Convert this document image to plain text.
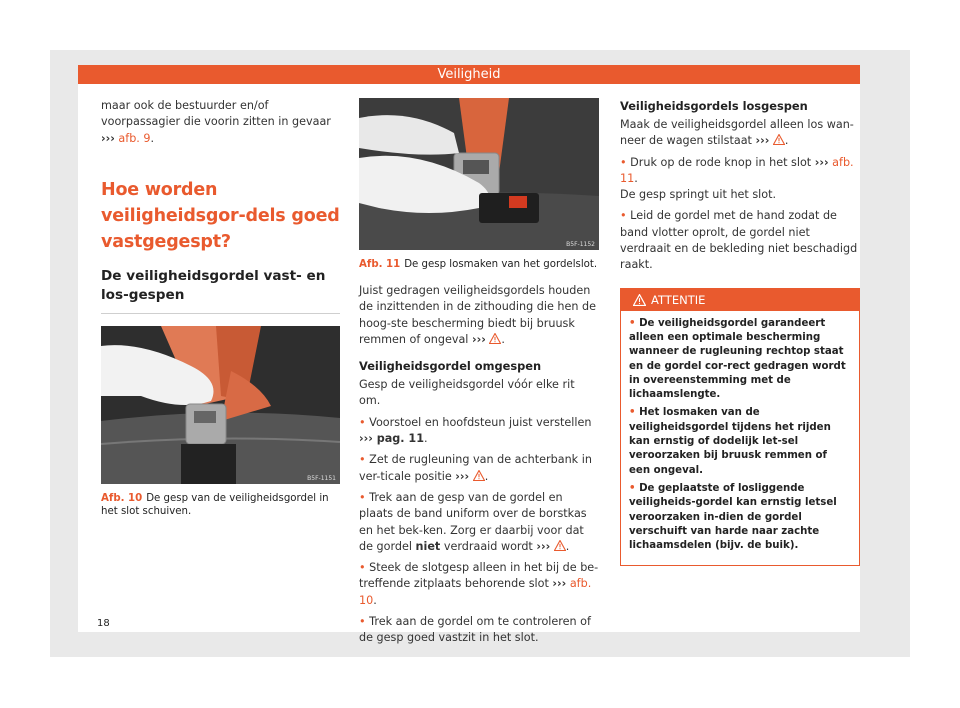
Veiligheid

maar ook de bestuurder en/of voorpassagier die voorin zitten in gevaar ››› afb. 9.

Hoe worden veiligheidsgor-dels goed vastgegespt?
De veiligheidsgordel vast- en los-gespen
B5F-1151
Afb. 10 De gesp van de veiligheidsgordel in het slot schuiven.
B5F-1152
Afb. 11 De gesp losmaken van het gordelslot.

Juist gedragen veiligheidsgordels houden de inzittenden in de zithouding die hen de hoog-ste bescherming biedt bij bruusk remmen of ongeval ››› .

Veiligheidsgordel omgespen

Gesp de veiligheidsgordel vóór elke rit om.

• Voorstoel en hoofdsteun juist verstellen
››› pag. 11.

• Zet de rugleuning van de achterbank in ver-ticale positie ››› .

• Trek aan de gesp van de gordel en plaats de band uniform over de borstkas en het bek-ken. Zorg er daarbij voor dat de gordel niet verdraaid wordt ››› .

• Steek de slotgesp alleen in het bij de be-treffende zitplaats behorende slot ››› afb. 10.

• Trek aan de gordel om te controleren of de gesp goed vastzit in het slot.

Veiligheidsgordels losgespen

Maak de veiligheidsgordel alleen los wan-neer de wagen stilstaat ››› .

• Druk op de rode knop in het slot ››› afb. 11.
De gesp springt uit het slot.

• Leid de gordel met de hand zodat de band vlotter oprolt, de gordel niet verdraait en de bekleding niet beschadigd raakt.

ATTENTIE

• De veiligheidsgordel garandeert alleen een optimale bescherming wanneer de rugleuning rechtop staat en de gordel cor-rect gedragen wordt in overeenstemming met de lichaamslengte.

• Het losmaken van de veiligheidsgordel tijdens het rijden kan ernstig of dodelijk let-sel veroorzaken bij bruusk remmen of een ongeval.

• De geplaatste of losliggende veiligheids-gordel kan ernstig letsel veroorzaken in-dien de gordel verschuift van harde naar zachte lichaamsdelen (bijv. de buik).

18
